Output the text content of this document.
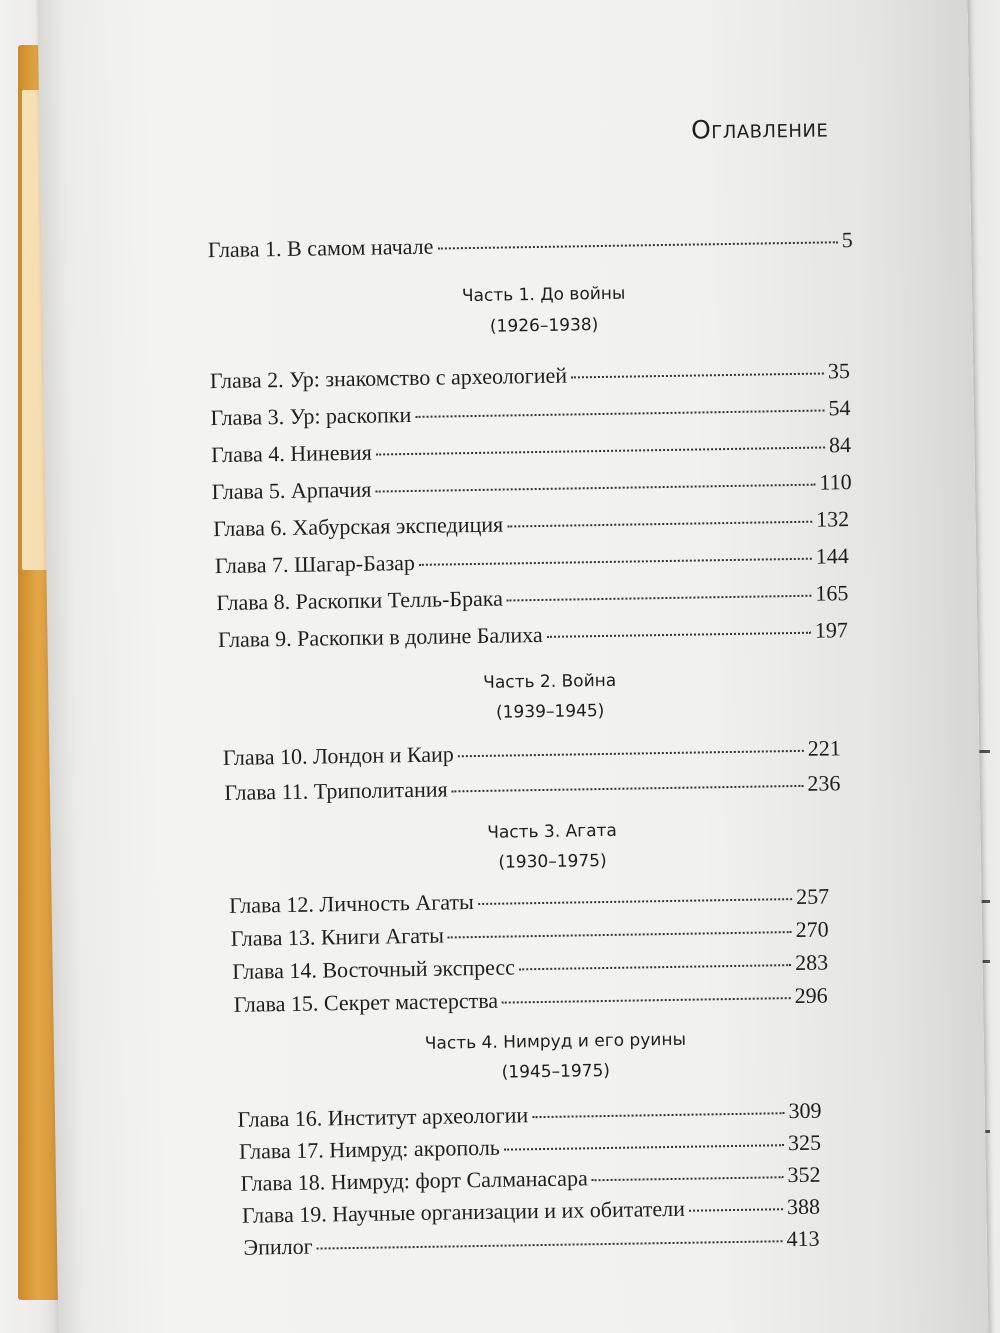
Оглавление
Глава 1. В самом начале	5
Часть 1. До войны
(1926–1938)
Глава 2. Ур: знакомство с археологией	35
Глава 3. Ур: раскопки	54
Глава 4. Ниневия	84
Глава 5. Арпачия	110
Глава 6. Хабурская экспедиция	132
Глава 7. Шагар-Базар	144
Глава 8. Раскопки Телль-Брака	165
Глава 9. Раскопки в долине Балиха	197
Часть 2. Война
(1939–1945)
Глава 10. Лондон и Каир	221
Глава 11. Триполитания	236
Часть 3. Агата
(1930–1975)
Глава 12. Личность Агаты	257
Глава 13. Книги Агаты	270
Глава 14. Восточный экспресс	283
Глава 15. Секрет мастерства	296
Часть 4. Нимруд и его руины
(1945–1975)
Глава 16. Институт археологии	309
Глава 17. Нимруд: акрополь	325
Глава 18. Нимруд: форт Салманасара	352
Глава 19. Научные организации и их обитатели	388
Эпилог	413
